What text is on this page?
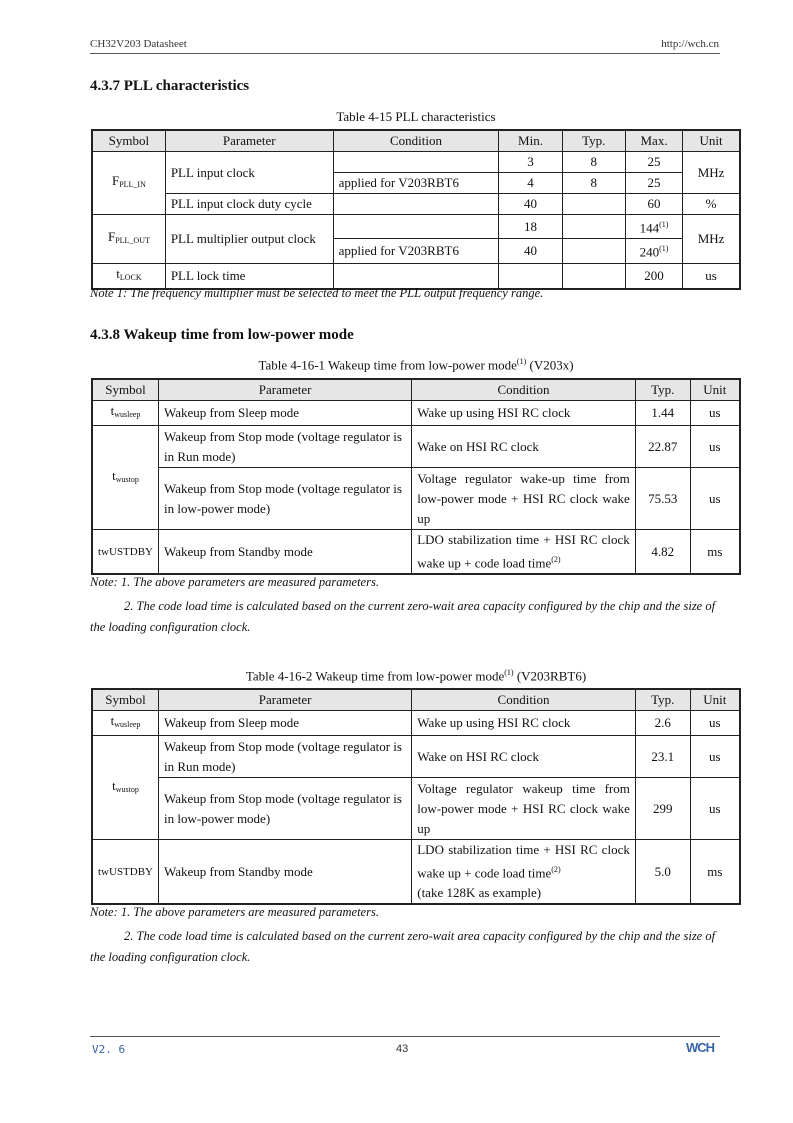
CH32V203 Datasheet	http://wch.cn
4.3.7 PLL characteristics
Table 4-15 PLL characteristics
Symbol	Parameter	Condition	Min.	Typ.	Max.	Unit
$F_{PLL\_IN}$	PLL input clock		3	8	25	MHz
		applied for V203RBT6	4	8	25	
	PLL input clock duty cycle		40		60	%
$F_{PLL\_OUT}$	PLL multiplier output clock		18		144$^{(1)}$	MHz
		applied for V203RBT6	40		240$^{(1)}$
$t_{LOCK}$	PLL lock time				200	us
Note 1: The frequency multiplier must be selected to meet the PLL output frequency range.
4.3.8 Wakeup time from low-power mode
Table 4-16-1 Wakeup time from low-power mode$^{(1)}$ (V203x)
Symbol	Parameter	Condition	Typ.	Unit
$t_{wusleep}$	Wakeup from Sleep mode	Wake up using HSI RC clock	1.44	us
$t_{wustop}$	Wakeup from Stop mode (voltage regulator is in Run mode)	Wake on HSI RC clock	22.87	us
	Wakeup from Stop mode (voltage regulator is in low-power mode)	Voltage regulator wake-up time from low-power mode + HSI RC clock wake up	75.53	us
twUSTDBY	Wakeup from Standby mode	LDO stabilization time + HSI RC clock wake up + code load time$^{(2)}$	4.82	ms
Note: 1. The above parameters are measured parameters.
2. The code load time is calculated based on the current zero-wait area capacity configured by the chip and the size of the loading configuration clock.
Table 4-16-2 Wakeup time from low-power mode$^{(1)}$ (V203RBT6)
Symbol	Parameter	Condition	Typ.	Unit
$t_{wusleep}$	Wakeup from Sleep mode	Wake up using HSI RC clock	2.6	us
$t_{wustop}$	Wakeup from Stop mode (voltage regulator is in Run mode)	Wake on HSI RC clock	23.1	us
	Wakeup from Stop mode (voltage regulator is in low-power mode)	Voltage regulator wakeup time from low-power mode + HSI RC clock wake up	299	us
twUSTDBY	Wakeup from Standby mode	LDO stabilization time + HSI RC clock wake up + code load time$^{(2)}$
(take 128K as example)	5.0	ms
Note: 1. The above parameters are measured parameters.
2. The code load time is calculated based on the current zero-wait area capacity configured by the chip and the size of the loading configuration clock.
V2. 6	43	WCH
